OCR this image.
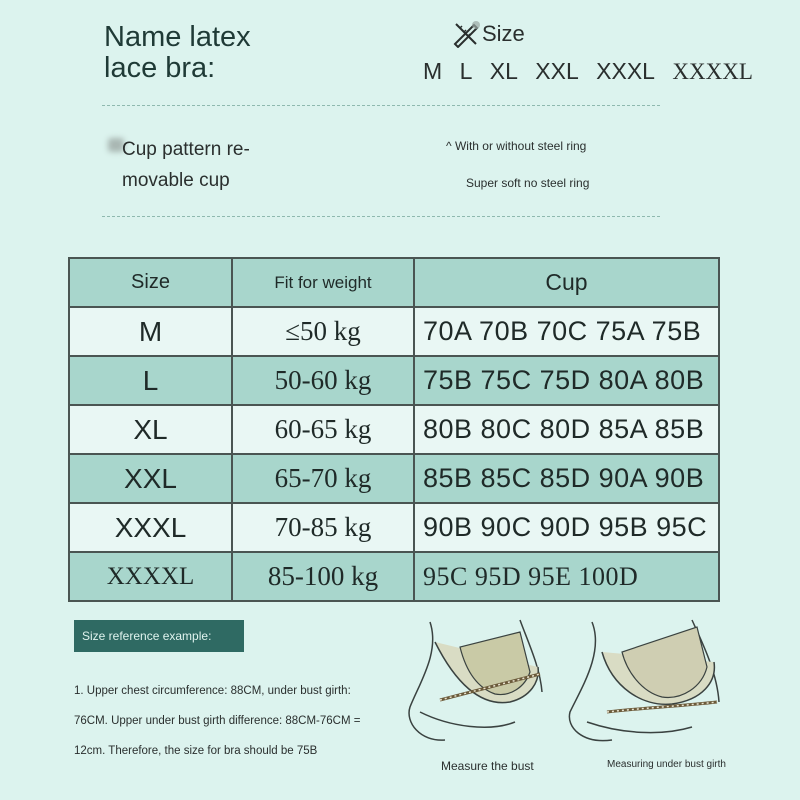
Name latex
lace bra:
Size
M L XL XXL XXXL XXXXL
Cup pattern re-
movable cup
^ With or without steel ring
Super soft no steel ring
Size	Fit for weight	Cup
M	≤50 kg	70A 70B 70C 75A 75B
L	50-60 kg	75B 75C 75D 80A 80B
XL	60-65 kg	80B 80C 80D 85A 85B
XXL	65-70 kg	85B 85C 85D 90A 90B
XXXL	70-85 kg	90B 90C 90D 95B 95C
XXXXL	85-100 kg	95C 95D 95E 100D
Size reference example:
1. Upper chest circumference: 88CM, under bust girth:
76CM. Upper under bust girth difference: 88CM-76CM =
12cm. Therefore, the size for bra should be 75B
Measure the bust	Measuring under bust girth
